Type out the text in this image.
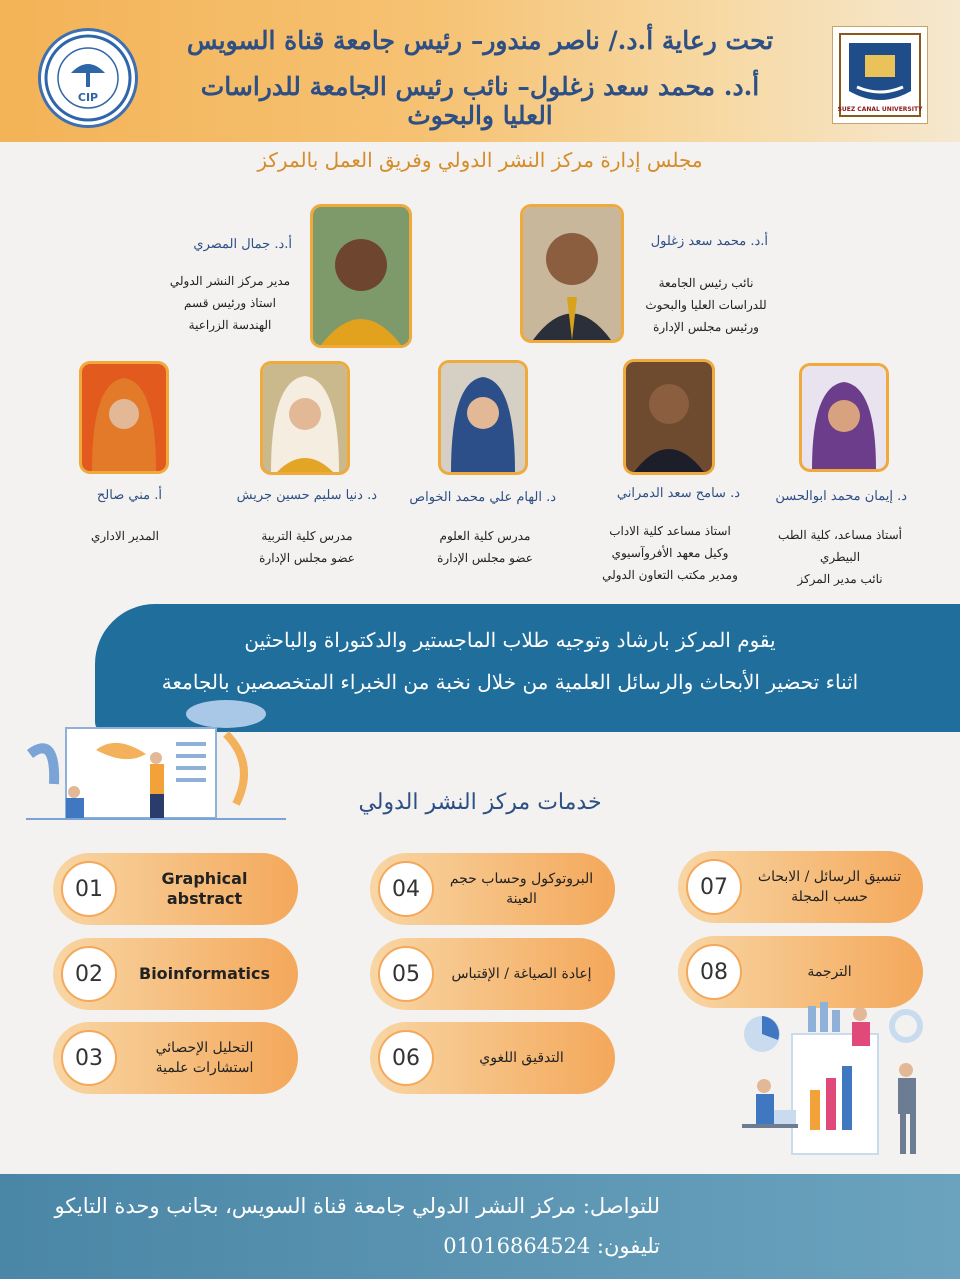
CIP
SUEZ CANAL UNIVERSITY
تحت رعاية أ.د./ ناصر مندور– رئيس جامعة قناة السويس
أ.د. محمد سعد زغلول– نائب رئيس الجامعة للدراسات العليا والبحوث
مجلس إدارة مركز النشر الدولي وفريق العمل بالمركز
أ.د. محمد سعد زغلول
نائب رئيس الجامعة
للدراسات العليا والبحوث
ورئيس مجلس الإدارة
أ.د. جمال المصري
مدير مركز النشر الدولي
استاذ ورئيس قسم
الهندسة الزراعية
د. إيمان محمد ابوالحسن
أستاذ مساعد، كلية الطب
البيطري
نائب مدير المركز
د. سامح سعد الدمراني
استاذ مساعد كلية الاداب
وكيل معهد الأفروآسيوي
ومدير مكتب التعاون الدولي
د. الهام علي محمد الخواص
مدرس كلية العلوم
عضو مجلس الإدارة
د. دنيا سليم حسين جريش
مدرس كلية التربية
عضو مجلس الإدارة
أ. مني صالح
المدير الاداري
يقوم المركز بارشاد وتوجيه طلاب الماجستير والدكتوراة والباحثين
اثناء تحضير الأبحاث والرسائل العلمية من خلال نخبة من الخبراء المتخصصين بالجامعة
خدمات مركز النشر الدولي
01	Graphical abstract
02	Bioinformatics
03	التحليل الإحصائي
استشارات علمية
04	البروتوكول وحساب حجم العينة
05	إعادة الصياغة / الإقتباس
06	التدقيق اللغوي
07	تنسيق الرسائل / الابحاث
حسب المجلة
08	الترجمة
للتواصل: مركز النشر الدولي جامعة قناة السويس، بجانب وحدة التايكو
تليفون: 01016864524
